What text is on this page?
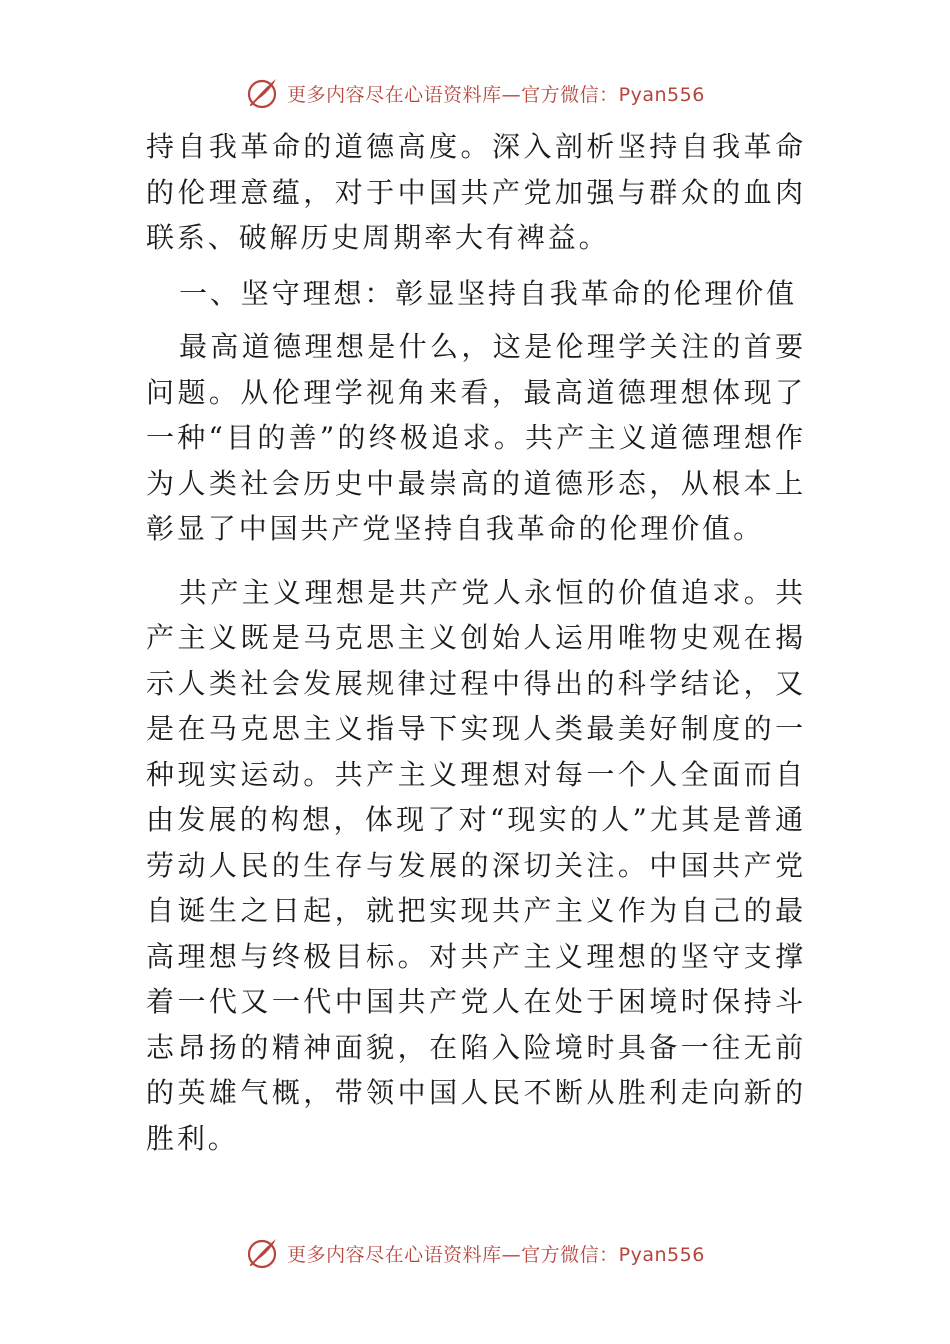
更多内容尽在心语资料库—官方微信：Pyan556

持自我革命的道德高度。深入剖析坚持自我革命的伦理意蕴，对于中国共产党加强与群众的血肉联系、破解历史周期率大有裨益。

一、坚守理想：彰显坚持自我革命的伦理价值

最高道德理想是什么，这是伦理学关注的首要问题。从伦理学视角来看，最高道德理想体现了一种“目的善”的终极追求。共产主义道德理想作为人类社会历史中最崇高的道德形态，从根本上彰显了中国共产党坚持自我革命的伦理价值。

共产主义理想是共产党人永恒的价值追求。共产主义既是马克思主义创始人运用唯物史观在揭示人类社会发展规律过程中得出的科学结论，又是在马克思主义指导下实现人类最美好制度的一种现实运动。共产主义理想对每一个人全面而自由发展的构想，体现了对“现实的人”尤其是普通劳动人民的生存与发展的深切关注。中国共产党自诞生之日起，就把实现共产主义作为自己的最高理想与终极目标。对共产主义理想的坚守支撑着一代又一代中国共产党人在处于困境时保持斗志昂扬的精神面貌，在陷入险境时具备一往无前的英雄气概，带领中国人民不断从胜利走向新的胜利。

更多内容尽在心语资料库—官方微信：Pyan556
